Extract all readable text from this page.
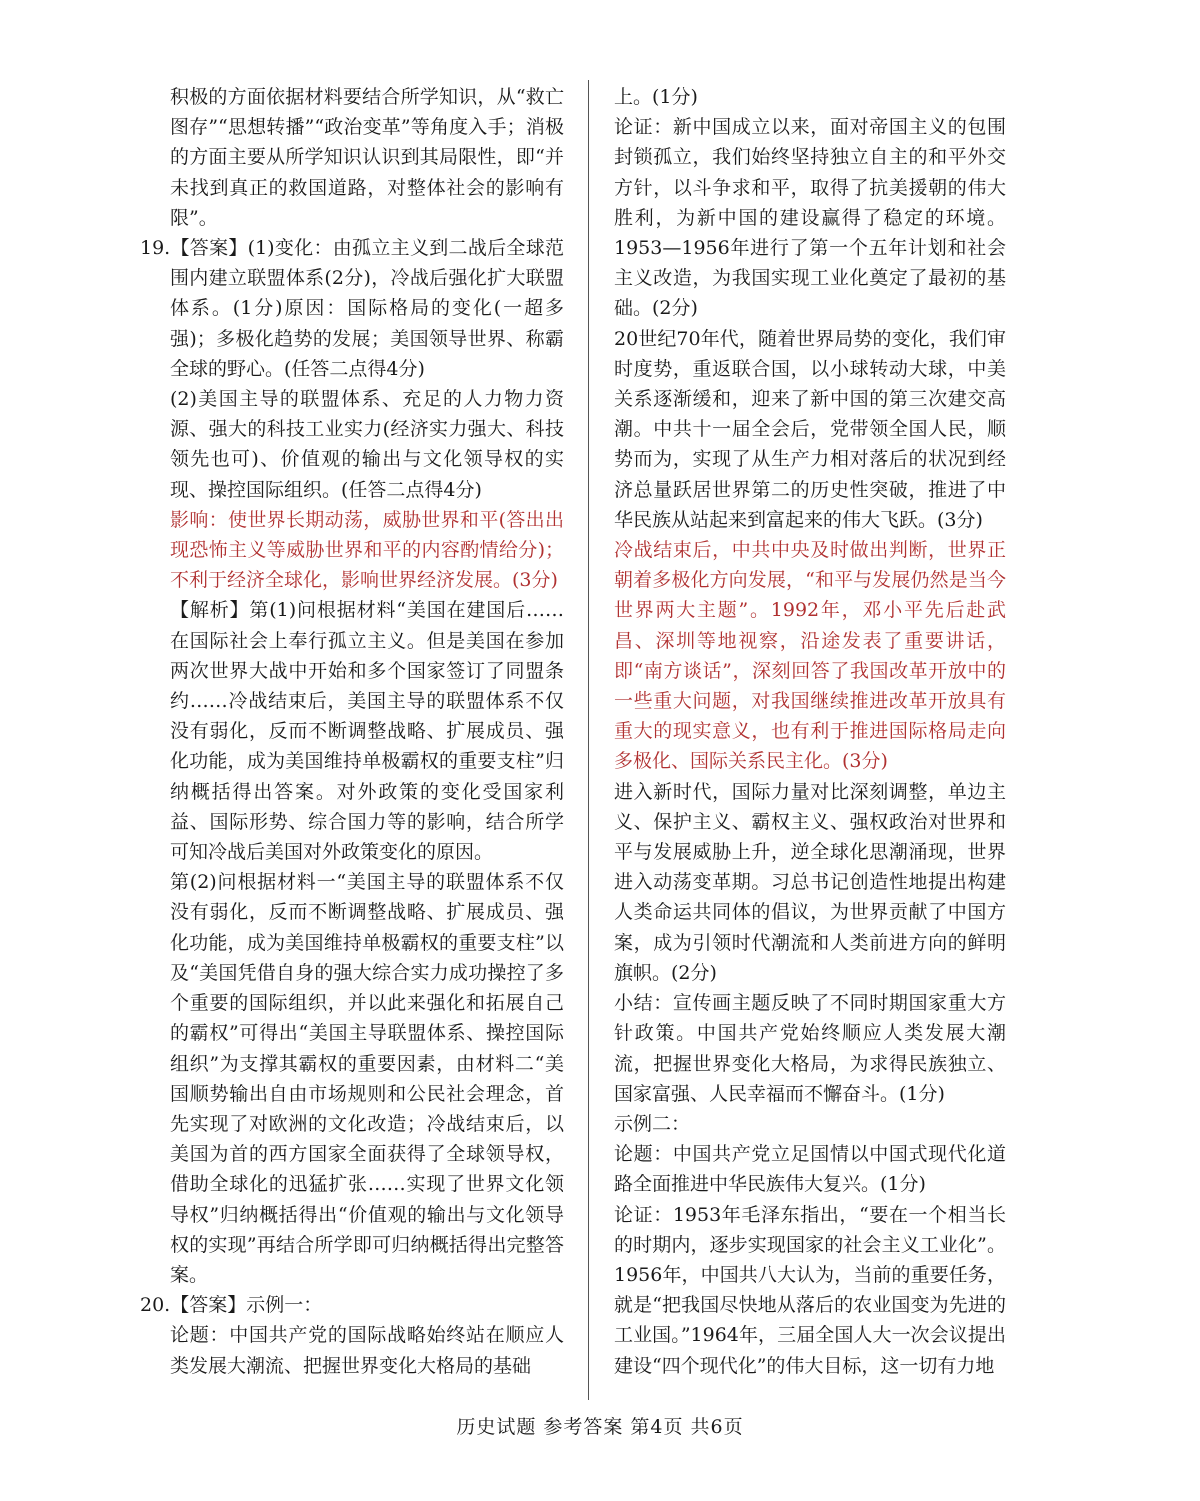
积极的方面依据材料要结合所学知识，从“救亡图存”“思想转播”“政治变革”等角度入手；消极的方面主要从所学知识认识到其局限性，即“并未找到真正的救国道路，对整体社会的影响有限”。

19.【答案】(1)变化：由孤立主义到二战后全球范围内建立联盟体系(2分)，冷战后强化扩大联盟体系。(1分)原因：国际格局的变化(一超多强)；多极化趋势的发展；美国领导世界、称霸全球的野心。(任答二点得4分)

(2)美国主导的联盟体系、充足的人力物力资源、强大的科技工业实力(经济实力强大、科技领先也可)、价值观的输出与文化领导权的实现、操控国际组织。(任答二点得4分)

影响：使世界长期动荡，威胁世界和平(答出出现恐怖主义等威胁世界和平的内容酌情给分)；不利于经济全球化，影响世界经济发展。(3分)

【解析】第(1)问根据材料“美国在建国后……在国际社会上奉行孤立主义。但是美国在参加两次世界大战中开始和多个国家签订了同盟条约……冷战结束后，美国主导的联盟体系不仅没有弱化，反而不断调整战略、扩展成员、强化功能，成为美国维持单极霸权的重要支柱”归纳概括得出答案。对外政策的变化受国家利益、国际形势、综合国力等的影响，结合所学可知冷战后美国对外政策变化的原因。

第(2)问根据材料一“美国主导的联盟体系不仅没有弱化，反而不断调整战略、扩展成员、强化功能，成为美国维持单极霸权的重要支柱”以及“美国凭借自身的强大综合实力成功操控了多个重要的国际组织，并以此来强化和拓展自己的霸权”可得出“美国主导联盟体系、操控国际组织”为支撑其霸权的重要因素，由材料二“美国顺势输出自由市场规则和公民社会理念，首先实现了对欧洲的文化改造；冷战结束后，以美国为首的西方国家全面获得了全球领导权，借助全球化的迅猛扩张……实现了世界文化领导权”归纳概括得出“价值观的输出与文化领导权的实现”再结合所学即可归纳概括得出完整答案。

20.【答案】示例一：

论题：中国共产党的国际战略始终站在顺应人类发展大潮流、把握世界变化大格局的基础

上。(1分)

论证：新中国成立以来，面对帝国主义的包围封锁孤立，我们始终坚持独立自主的和平外交方针，以斗争求和平，取得了抗美援朝的伟大胜利，为新中国的建设赢得了稳定的环境。1953—1956年进行了第一个五年计划和社会主义改造，为我国实现工业化奠定了最初的基础。(2分)

20世纪70年代，随着世界局势的变化，我们审时度势，重返联合国，以小球转动大球，中美关系逐渐缓和，迎来了新中国的第三次建交高潮。中共十一届全会后，党带领全国人民，顺势而为，实现了从生产力相对落后的状况到经济总量跃居世界第二的历史性突破，推进了中华民族从站起来到富起来的伟大飞跃。(3分)

冷战结束后，中共中央及时做出判断，世界正朝着多极化方向发展，“和平与发展仍然是当今世界两大主题”。1992年，邓小平先后赴武昌、深圳等地视察，沿途发表了重要讲话，即“南方谈话”，深刻回答了我国改革开放中的一些重大问题，对我国继续推进改革开放具有重大的现实意义，也有利于推进国际格局走向多极化、国际关系民主化。(3分)

进入新时代，国际力量对比深刻调整，单边主义、保护主义、霸权主义、强权政治对世界和平与发展威胁上升，逆全球化思潮涌现，世界进入动荡变革期。习总书记创造性地提出构建人类命运共同体的倡议，为世界贡献了中国方案，成为引领时代潮流和人类前进方向的鲜明旗帜。(2分)

小结：宣传画主题反映了不同时期国家重大方针政策。中国共产党始终顺应人类发展大潮流，把握世界变化大格局，为求得民族独立、国家富强、人民幸福而不懈奋斗。(1分)

示例二：

论题：中国共产党立足国情以中国式现代化道路全面推进中华民族伟大复兴。(1分)

论证：1953年毛泽东指出，“要在一个相当长的时期内，逐步实现国家的社会主义工业化”。1956年，中国共八大认为，当前的重要任务，就是“把我国尽快地从落后的农业国变为先进的工业国。”1964年，三届全国人大一次会议提出建设“四个现代化”的伟大目标，这一切有力地

历史试题 参考答案 第4页 共6页
